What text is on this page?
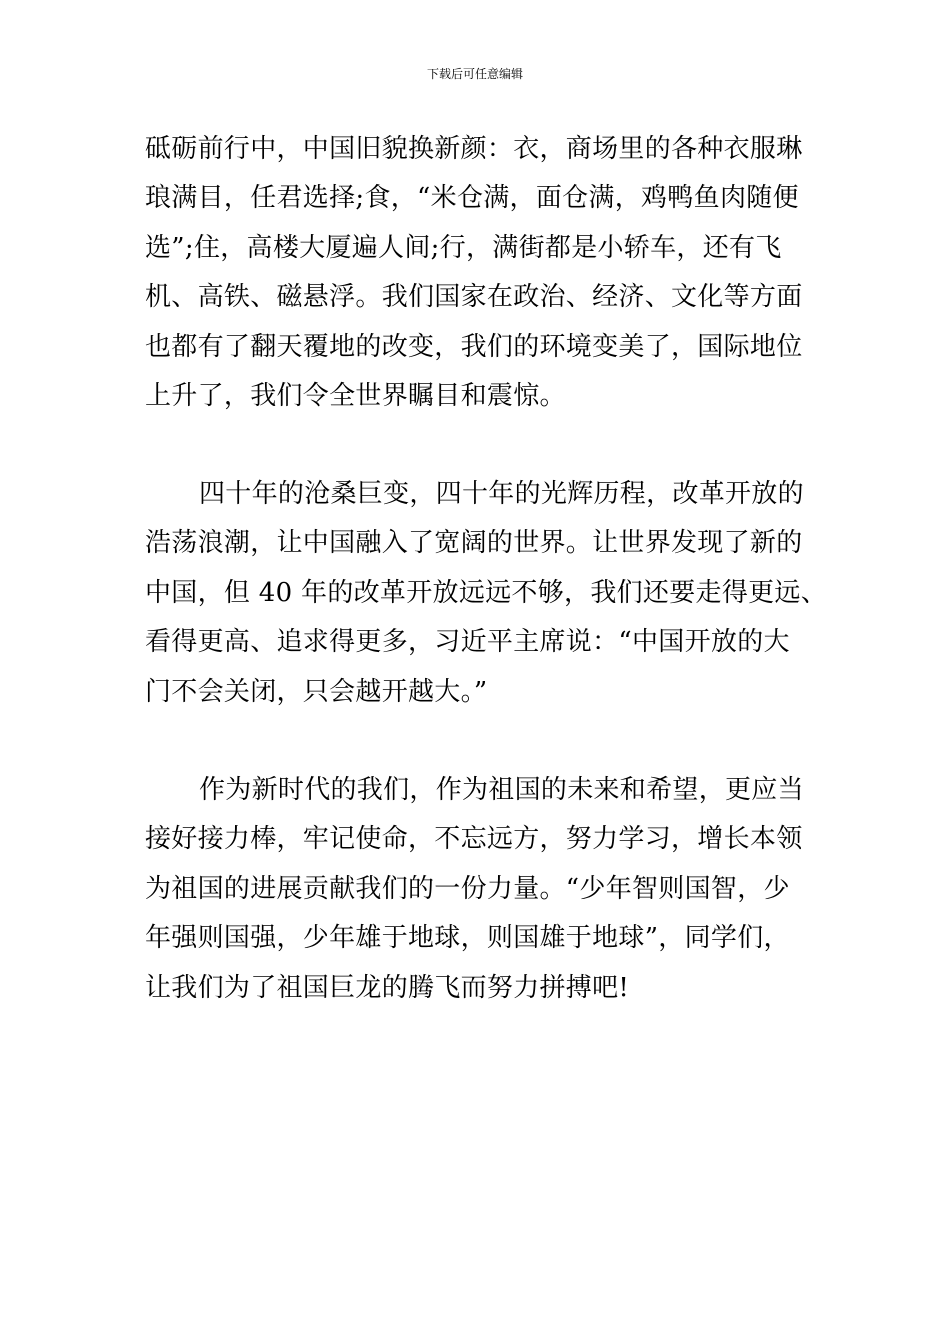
下载后可任意编辑
砥砺前行中，中国旧貌换新颜：衣，商场里的各种衣服琳
琅满目，任君选择;食，“米仓满，面仓满，鸡鸭鱼肉随便
选”;住，高楼大厦遍人间;行，满街都是小轿车，还有飞
机、高铁、磁悬浮。我们国家在政治、经济、文化等方面
也都有了翻天覆地的改变，我们的环境变美了，国际地位
上升了，我们令全世界瞩目和震惊。
四十年的沧桑巨变，四十年的光辉历程，改革开放的
浩荡浪潮，让中国融入了宽阔的世界。让世界发现了新的
中国，但 40 年的改革开放远远不够，我们还要走得更远、
看得更高、追求得更多，习近平主席说：“中国开放的大
门不会关闭，只会越开越大。”
作为新时代的我们，作为祖国的未来和希望，更应当
接好接力棒，牢记使命，不忘远方，努力学习，增长本领
为祖国的进展贡献我们的一份力量。“少年智则国智，少
年强则国强，少年雄于地球，则国雄于地球”，同学们，
让我们为了祖国巨龙的腾飞而努力拼搏吧!
